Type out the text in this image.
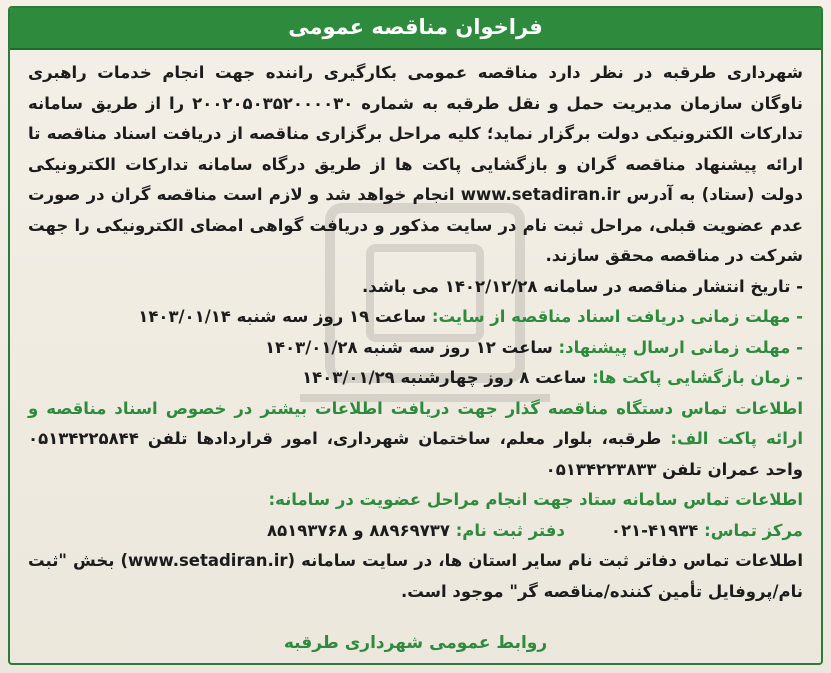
فراخوان مناقصه عمومی
شهرداری طرقبه در نظر دارد مناقصه عمومی بکارگیری راننده جهت انجام خدمات راهبری ناوگان سازمان مدیریت حمل و نقل طرقبه به شماره ۲۰۰۲۰۵۰۳۵۲۰۰۰۰۳۰ را از طریق سامانه تدارکات الکترونیکی دولت برگزار نماید؛ کلیه مراحل برگزاری مناقصه از دریافت اسناد مناقصه تا ارائه پیشنهاد مناقصه گران و بازگشایی پاکت ها از طریق درگاه سامانه تدارکات الکترونیکی دولت (ستاد) به آدرس www.setadiran.ir انجام خواهد شد و لازم است مناقصه گران در صورت عدم عضویت قبلی، مراحل ثبت نام در سایت مذکور و دریافت گواهی امضای الکترونیکی را جهت شرکت در مناقصه محقق سازند.
- تاریخ انتشار مناقصه در سامانه ۱۴۰۲/۱۲/۲۸ می باشد.
- مهلت زمانی دریافت اسناد مناقصه از سایت: ساعت ۱۹ روز سه شنبه ۱۴۰۳/۰۱/۱۴
- مهلت زمانی ارسال پیشنهاد: ساعت ۱۲ روز سه شنبه ۱۴۰۳/۰۱/۲۸
- زمان بازگشایی پاکت ها: ساعت ۸ روز چهارشنبه ۱۴۰۳/۰۱/۲۹
اطلاعات تماس دستگاه مناقصه گذار جهت دریافت اطلاعات بیشتر در خصوص اسناد مناقصه و ارائه پاکت الف: طرقبه، بلوار معلم، ساختمان شهرداری، امور قراردادها تلفن ۰۵۱۳۴۲۲۵۸۴۴ واحد عمران تلفن ۰۵۱۳۴۲۲۳۸۳۳
اطلاعات تماس سامانه ستاد جهت انجام مراحل عضویت در سامانه:
مرکز تماس: ۴۱۹۳۴-۰۲۱        دفتر ثبت نام: ۸۸۹۶۹۷۳۷ و ۸۵۱۹۳۷۶۸
اطلاعات تماس دفاتر ثبت نام سایر استان ها، در سایت سامانه (www.setadiran.ir) بخش "ثبت نام/پروفایل تأمین کننده/مناقصه گر" موجود است.
روابط عمومی شهرداری طرقبه
